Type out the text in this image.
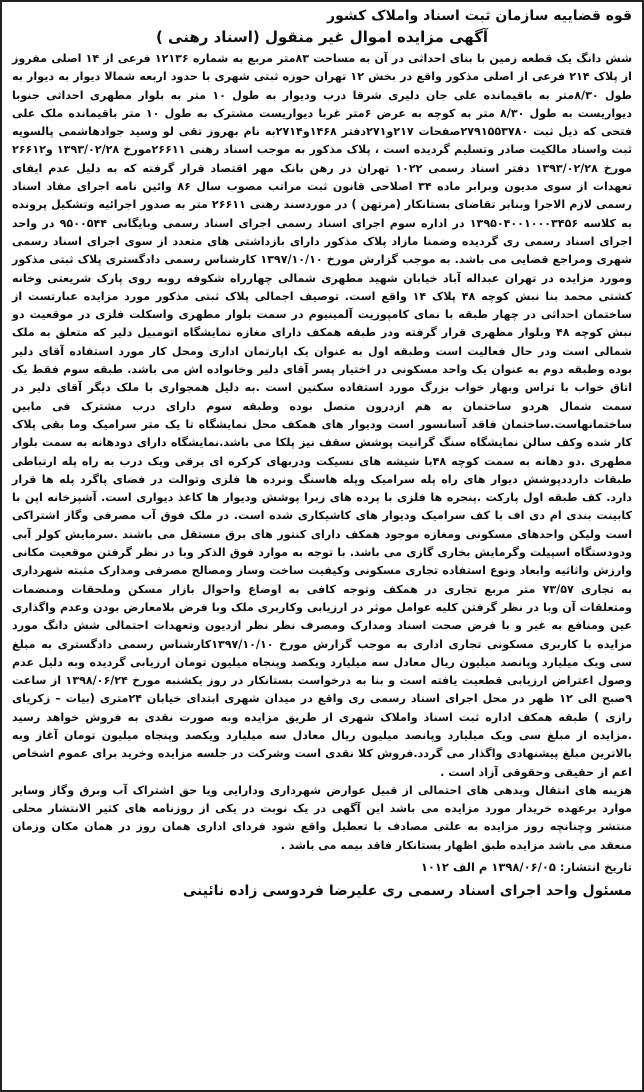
قوه قضاییه سازمان ثبت اسناد واملاک کشور

آگهی مزایده اموال غیر منقول (اسناد رهنی )

شش دانگ یک قطعه زمین با بنای احداثی در آن به مساحت ۸۳متر مربع به شماره ۱۲۱۳۶ فرعی از ۱۴ اصلی مفروز از پلاک ۲۱۴ فرعی از اصلی مذکور واقع در بخش ۱۲ تهران حوزه ثبتی شهری با حدود اربعه شمالا دیوار به دیوار به طول ۸/۳۰متر به باقیمانده علی جان دلیری شرقا درب ودیوار به طول ۱۰ متر به بلوار مطهری احداثی جنوبا دیواریست به طول ۸/۳۰ متر به کوچه به عرض ۶متر غربا دیواریست مشترک به طول ۱۰ متر باقیمانده ملک علی فتحی که ذیل ثبت ۲۷۹۱۵۵۳۷۸۰صفحات ۲۱۷و۲۷۱دفتر ۱۴۶۸و۲۷۱۴به نام بهروز تقی لو وسید جوادهاشمی پالسویه ثبت واسناد مالکیت صادر وتسلیم گردیده است ، پلاک مذکور به موجب اسناد رهنی ۲۶۶۱۱مورخ ۱۳۹۳/۰۲/۲۸ و۲۶۶۱۲ مورخ ۱۳۹۳/۰۲/۲۸ دفتر اسناد رسمی ۱۰۲۲ تهران در رهن بانک مهر اقتصاد قرار گرفته که به دلیل عدم ایفای تعهدات از سوی مدیون وبرابر ماده ۳۴ اصلاحی قانون ثبت مراتب مصوب سال ۸۶ وائین نامه اجرای مفاد اسناد رسمی لازم الاجرا وبنابر تقاضای بستانکار (مرتهن ) در موردسند رهنی ۲۶۶۱۱ متر به صدور اجرائیه وتشکیل پرونده به کلاسه ۱۳۹۵۰۴۰۰۱۰۰۰۳۴۵۶ در اداره سوم اجرای اسناد رسمی اجرای اسناد رسمی وبایگانی ۹۵۰۰۵۴۴ در واحد اجرای اسناد رسمی ری گردیده وضمنا مازاد پلاک مذکور دارای بازداشتی های متعدد از سوی اجرای اسناد رسمی شهری ومراجع قضایی می باشد. به موجب گزارش مورخ ۱۳۹۷/۱۰/۱۰ کارشناس رسمی دادگستری پلاک ثبتی مذکور ومورد مزایده در تهران عبداله آباد خیابان شهید مطهری شمالی چهارراه شکوفه روبه روی پارک شریعتی وخانه کشتی محمد بنا نبش کوچه ۴۸ پلاک ۱۴ واقع است. توصیف اجمالی پلاک ثبتی مذکور مورد مزایده عبارتست از ساختمان احداثی در چهار طبقه با نمای کامپوزیت آلمینیوم در سمت بلوار مطهری واسکلت فلزی در موقعیت دو نبش کوچه ۴۸ وبلوار مطهری قرار گرفته ودر طبقه همکف دارای مغازه نمایشگاه اتومبیل دلیر که متعلق به ملک شمالی است ودر حال فعالیت است وطبقه اول به عنوان یک اپارتمان اداری ومحل کار مورد استفاده آقای دلیر بوده وطبقه دوم به عنوان یک واحد مسکونی در اختیار پسر آقای دلیر وخانواده اش می باشد. طبقه سوم فقط یک اتاق خواب با تراس وبهار خواب بزرگ مورد استفاده سکنین است .به دلیل همجواری با ملک دیگر آقای دلیر در سمت شمال هردو ساختمان به هم ازدرون متصل بوده وطبقه سوم دارای درب مشترک فی مابین ساختمانهاست.ساختمان فاقد آسانسور است ودیوار های همکف محل نمایشگاه تا یک متر سرامیک وما بقی پلاک کار شده وکف سالن نمایشگاه سنگ گرانیت پوشش سقف نیز پلکا می باشد.نمایشگاه دارای دودهانه به سمت بلوار مطهری .دو دهانه به سمت کوچه ۴۸با شیشه های نسیکت ودربهای کرکره ای برقی ویک درب به راه پله ارتباطی طبقات دارددپوشش دیوار های راه پله سرامیک وپله هاسنگ ونرده ها فلزی وتوالت در فضای پاگرد پله ها قرار دارد. کف طبقه اول پارکت .پنجره ها فلزی با پرده های زبرا پوشش ودیوار ها کاغذ دیواری است. آشپزخانه اپن با کابینت بندی ام دی اف با کف سرامیک ودیوار های کاشیکاری شده است. در ملک فوق آب مصرفی وگاز اشتراکی است ولیکن واحدهای مسکونی ومغازه موجود همکف دارای کنتور های برق مستقل می باشند .سرمایش کولر آبی ودودستگاه اسپیلت وگرمایش بخاری گازی می باشد. با توجه به موارد فوق الذکر وبا در نظر گرفتن موقعیت مکانی وارزش واثاثیه وابعاد ونوع استفاده تجاری مسکونی وکیفیت ساخت وساز ومصالح مصرفی ومدارک مثبته شهرداری به تجاری ۷۳/۵۷ متر مربع تجاری در همکف وتوجه کافی به اوضاع واحوال بازار مسکن وملحقات ومنضمات ومتعلقات آن وبا در نظر گرفتن کلیه عوامل موثر در ارزیابی وکاربری ملک وبا فرض بلامعارض بودن وعدم واگذاری عین ومنافع به غیر و با فرض صحت اسناد ومدارک ومصرف نظر نظر ازدیون وتعهدات احتمالی شش دانگ مورد مزایده با کاربری مسکونی تجاری اداری به موجب گزارش مورخ ۱۳۹۷/۱۰/۱۰کارشناس رسمی دادگستری به مبلغ سی ویک میلیارد وپانصد میلیون ریال معادل سه میلیارد ویکصد وپنجاه میلیون تومان ارزیابی گردیده وبه دلیل عدم وصول اعتراض ارزیابی قطعیت یافته است و بنا به درخواست بستانکار در روز یکشنبه مورخ ۱۳۹۸/۰۶/۲۴ از ساعت ۹صبح الی ۱۲ ظهر در محل اجرای اسناد رسمی ری واقع در میدان شهری ابتدای خیابان ۲۴متری (بیات – زکریای رازی ) طبقه همکف اداره ثبت اسناد واملاک شهری از طریق مزایده وبه صورت نقدی به فروش خواهد رسید .مزایده از مبلغ سی ویک میلیارد وپانصد میلیون ریال معادل سه میلیارد ویکصد وپنجاه میلیون تومان آغاز وبه بالاترین مبلغ پیشنهادی واگذار می گردد.فروش کلا نقدی است وشرکت در جلسه مزایده وخرید برای عموم اشخاص اعم از حقیقی وحقوقی آزاد است .

هزینه های انتقال وبدهی های احتمالی از قبیل عوارض شهرداری ودارایی ویا حق اشتراک آب وبرق وگاز وسایر موارد برعهده خریدار مورد مزایده می باشد این آگهی در یک نوبت در یکی از روزنامه های کثیر الانتشار محلی منتشر وچنانچه روز مزایده به علتی مصادف با تعطیل واقع شود فردای اداری همان روز در همان مکان وزمان منعقد می باشد مزایده طبق اظهار بستانکار فاقد بیمه می باشد .

تاریخ انتشار: ۱۳۹۸/۰۶/۰۵ م الف ۱۰۱۲
مسئول واحد اجرای اسناد رسمی ری علیرضا فردوسی زاده نائینی
